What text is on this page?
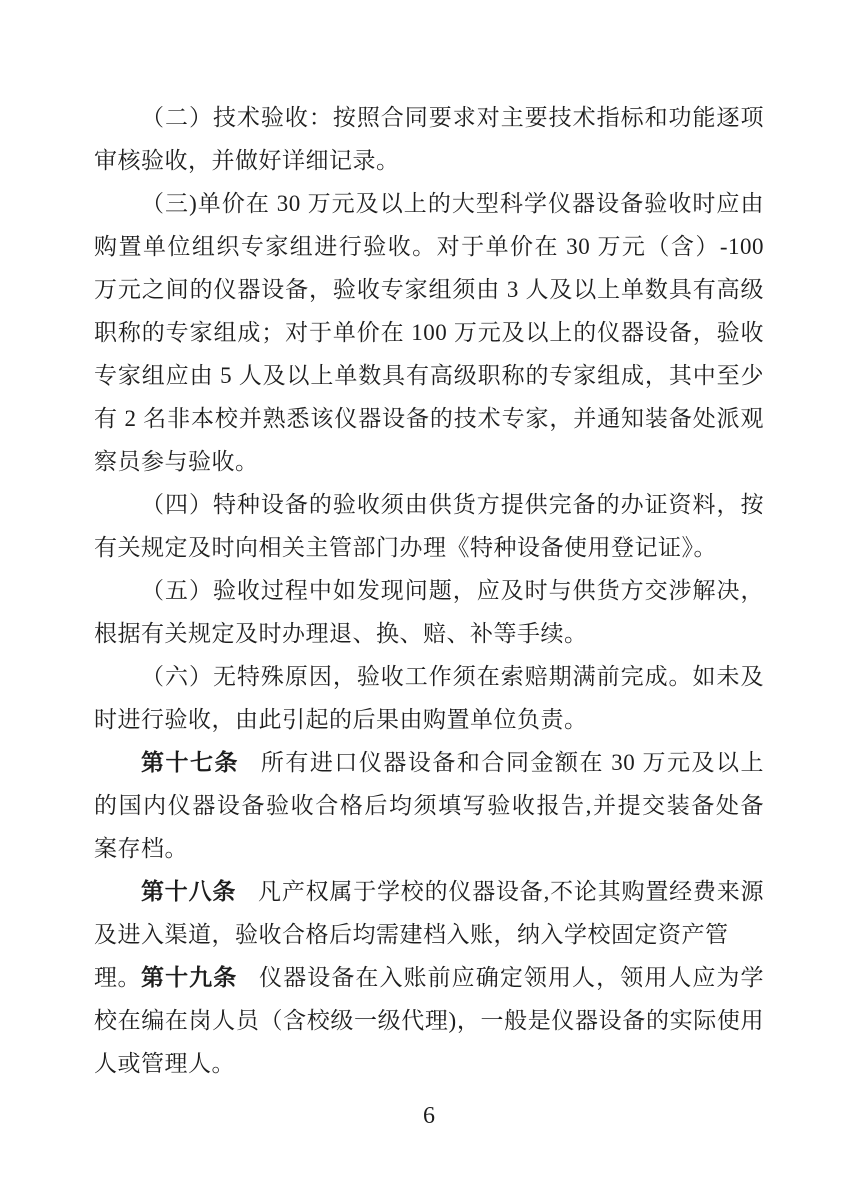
（二）技术验收：按照合同要求对主要技术指标和功能逐项
审核验收，并做好详细记录。
（三)单价在 30 万元及以上的大型科学仪器设备验收时应由
购置单位组织专家组进行验收。对于单价在 30 万元（含）-100
万元之间的仪器设备，验收专家组须由 3 人及以上单数具有高级
职称的专家组成；对于单价在 100 万元及以上的仪器设备，验收
专家组应由 5 人及以上单数具有高级职称的专家组成，其中至少
有 2 名非本校并熟悉该仪器设备的技术专家，并通知装备处派观
察员参与验收。
（四）特种设备的验收须由供货方提供完备的办证资料，按
有关规定及时向相关主管部门办理《特种设备使用登记证》。
（五）验收过程中如发现问题，应及时与供货方交涉解决，
根据有关规定及时办理退、换、赔、补等手续。
（六）无特殊原因，验收工作须在索赔期满前完成。如未及
时进行验收，由此引起的后果由购置单位负责。
第十七条 所有进口仪器设备和合同金额在 30 万元及以上
的国内仪器设备验收合格后均须填写验收报告,并提交装备处备
案存档。
第十八条 凡产权属于学校的仪器设备,不论其购置经费来源
及进入渠道，验收合格后均需建档入账，纳入学校固定资产管理。 第十九条 仪器设备在入账前应确定领用人，领用人应为学
校在编在岗人员（含校级一级代理)，一般是仪器设备的实际使用
人或管理人。
6
